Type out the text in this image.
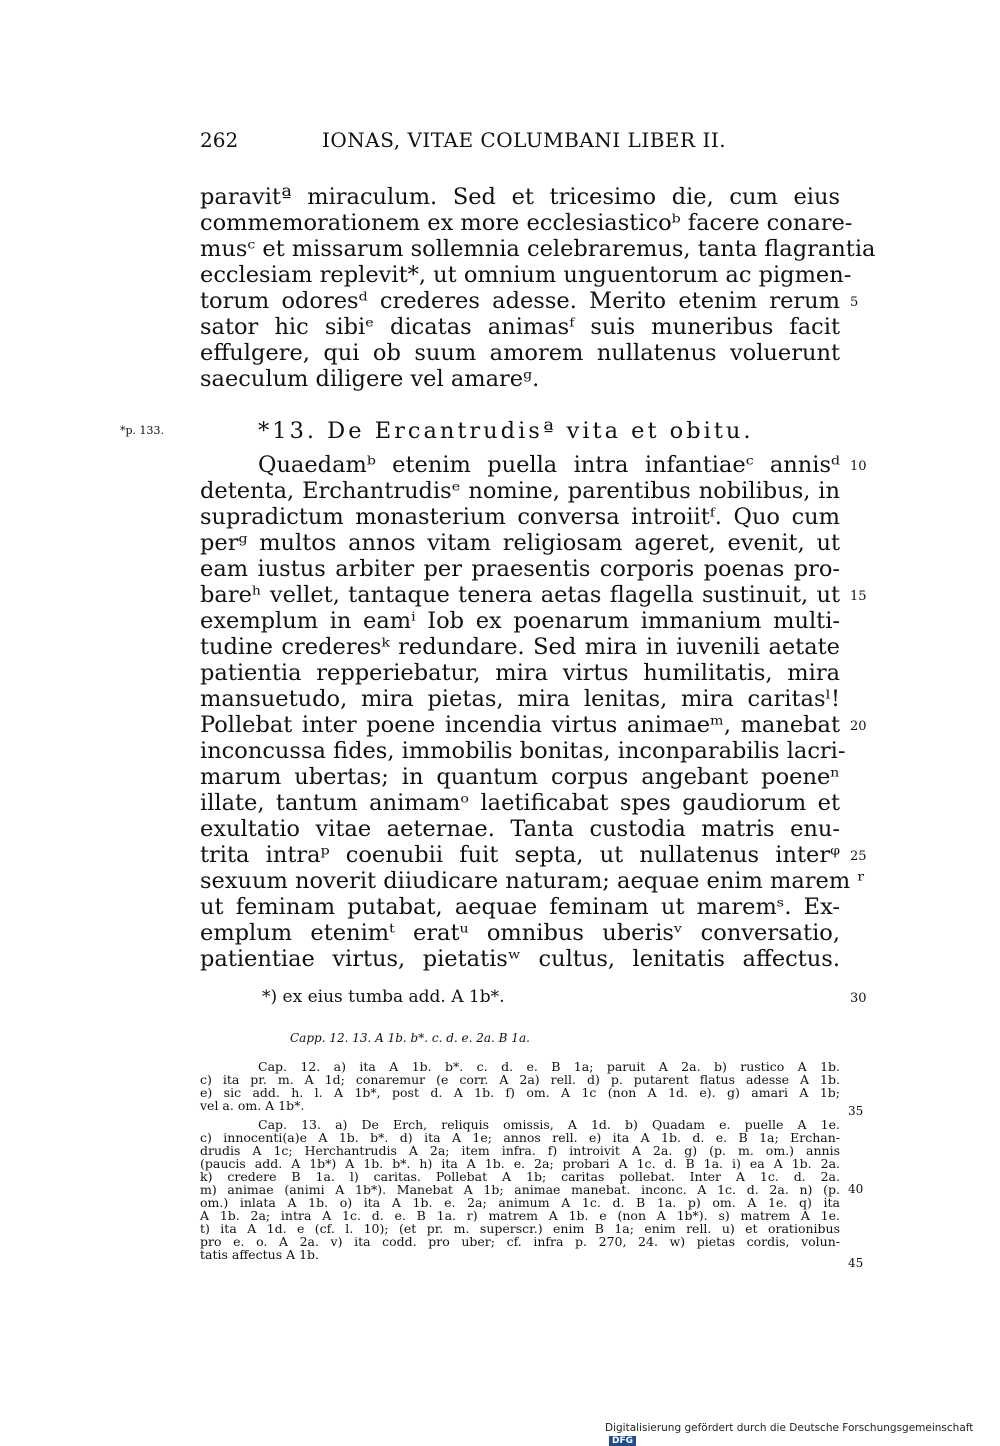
262	IONAS, VITAE COLUMBANI LIBER II.
paravitª miraculum. Sed et tricesimo die, cum eius
commemorationem ex more ecclesiasticoᵇ facere conare-
musᶜ et missarum sollemnia celebraremus, tanta flagrantia
ecclesiam replevit*, ut omnium unguentorum ac pigmen-
torum odoresᵈ crederes adesse. Merito etenim rerum
sator hic sibiᵉ dicatas animasᶠ suis muneribus facit
effulgere, qui ob suum amorem nullatenus voluerunt
saeculum diligere vel amareᵍ.
5
*p. 133.	*13. De Ercantrudisª vita et obitu.
Quaedamᵇ etenim puella intra infantiaeᶜ annisᵈ
detenta, Erchantrudisᵉ nomine, parentibus nobilibus, in
supradictum monasterium conversa introiitᶠ. Quo cum
perᵍ multos annos vitam religiosam ageret, evenit, ut
eam iustus arbiter per praesentis corporis poenas pro-
bareʰ vellet, tantaque tenera aetas flagella sustinuit, ut
exemplum in eamⁱ Iob ex poenarum immanium multi-
tudine crederesᵏ redundare. Sed mira in iuvenili aetate
patientia repperiebatur, mira virtus humilitatis, mira
mansuetudo, mira pietas, mira lenitas, mira caritasˡ!
Pollebat inter poene incendia virtus animaeᵐ, manebat
inconcussa fides, immobilis bonitas, inconparabilis lacri-
marum ubertas; in quantum corpus angebant poeneⁿ
illate, tantum animamᵒ laetificabat spes gaudiorum et
exultatio vitae aeternae. Tanta custodia matris enu-
trita intraᵖ coenubii fuit septa, ut nullatenus interᵠ
sexuum noverit diiudicare naturam; aequae enim marem ʳ
ut feminam putabat, aequae feminam ut maremˢ. Ex-
emplum etenimᵗ eratᵘ omnibus uberisᵛ conversatio,
patientiae virtus, pietatisʷ cultus, lenitatis affectus.
10
15
20
25
*) ex eius tumba add. A 1b*.	30
Capp. 12. 13. A 1b. b*. c. d. e. 2a. B 1a.
Cap. 12. a) ita A 1b. b*. c. d. e. B 1a; paruit A 2a. b) rustico A 1b.
c) ita pr. m. A 1d; conaremur (e corr. A 2a) rell. d) p. putarent flatus adesse A 1b.
e) sic add. h. l. A 1b*, post d. A 1b. f) om. A 1c (non A 1d. e). g) amari A 1b;
vel a. om. A 1b*.
Cap. 13. a) De Erch, reliquis omissis, A 1d. b) Quadam e. puelle A 1e.
c) innocenti(a)e A 1b. b*. d) ita A 1e; annos rell. e) ita A 1b. d. e. B 1a; Erchan-
drudis A 1c; Herchantrudis A 2a; item infra. f) introivit A 2a. g) (p. m. om.) annis
(paucis add. A 1b*) A 1b. b*. h) ita A 1b. e. 2a; probari A 1c. d. B 1a. i) ea A 1b. 2a.
k) credere B 1a. l) caritas. Pollebat A 1b; caritas pollebat. Inter A 1c. d. 2a.
m) animae (animi A 1b*). Manebat A 1b; animae manebat. inconc. A 1c. d. 2a. n) (p.
om.) inlata A 1b. o) ita A 1b. e. 2a; animum A 1c. d. B 1a. p) om. A 1e. q) ita
A 1b. 2a; intra A 1c. d. e. B 1a. r) matrem A 1b. e (non A 1b*). s) matrem A 1e.
t) ita A 1d. e (cf. l. 10); (et pr. m. superscr.) enim B 1a; enim rell. u) et orationibus
pro e. o. A 2a. v) ita codd. pro uber; cf. infra p. 270, 24. w) pietas cordis, volun-
tatis affectus A 1b.
35
40
45
Digitalisierung gefördert durch die Deutsche Forschungsgemeinschaft DFG
